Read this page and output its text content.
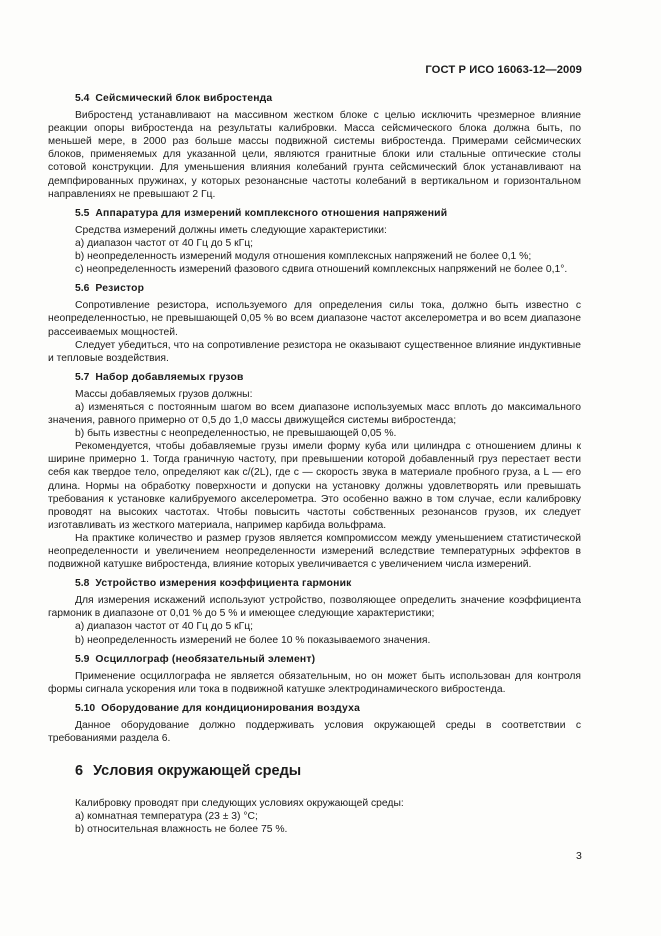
ГОСТ Р ИСО 16063-12—2009
5.4 Сейсмический блок вибростенда

Вибростенд устанавливают на массивном жестком блоке с целью исключить чрезмерное влияние реакции опоры вибростенда на результаты калибровки. Масса сейсмического блока должна быть, по меньшей мере, в 2000 раз больше массы подвижной системы вибростенда. Примерами сейсмических блоков, применяемых для указанной цели, являются гранитные блоки или стальные оптические столы сотовой конструкции. Для уменьшения влияния колебаний грунта сейсмический блок устанавливают на демпфированных пружинах, у которых резонансные частоты колебаний в вертикальном и горизонтальном направлениях не превышают 2 Гц.

5.5 Аппаратура для измерений комплексного отношения напряжений

Средства измерений должны иметь следующие характеристики:

a) диапазон частот от 40 Гц до 5 кГц;

b) неопределенность измерений модуля отношения комплексных напряжений не более 0,1 %;

c) неопределенность измерений фазового сдвига отношений комплексных напряжений не более 0,1°.

5.6 Резистор

Сопротивление резистора, используемого для определения силы тока, должно быть известно с неопределенностью, не превышающей 0,05 % во всем диапазоне частот акселерометра и во всем диапазоне рассеиваемых мощностей.

Следует убедиться, что на сопротивление резистора не оказывают существенное влияние индуктивные и тепловые воздействия.

5.7 Набор добавляемых грузов

Массы добавляемых грузов должны:

a) изменяться с постоянным шагом во всем диапазоне используемых масс вплоть до максимального значения, равного примерно от 0,5 до 1,0 массы движущейся системы вибростенда;

b) быть известны с неопределенностью, не превышающей 0,05 %.

Рекомендуется, чтобы добавляемые грузы имели форму куба или цилиндра с отношением длины к ширине примерно 1. Тогда граничную частоту, при превышении которой добавленный груз перестает вести себя как твердое тело, определяют как c/(2L), где c — скорость звука в материале пробного груза, а L — его длина. Нормы на обработку поверхности и допуски на установку должны удовлетворять или превышать требования к установке калибруемого акселерометра. Это особенно важно в том случае, если калибровку проводят на высоких частотах. Чтобы повысить частоты собственных резонансов грузов, их следует изготавливать из жесткого материала, например карбида вольфрама.

На практике количество и размер грузов является компромиссом между уменьшением статистической неопределенности и увеличением неопределенности измерений вследствие температурных эффектов в подвижной катушке вибростенда, влияние которых увеличивается с увеличением числа измерений.

5.8 Устройство измерения коэффициента гармоник

Для измерения искажений используют устройство, позволяющее определить значение коэффициента гармоник в диапазоне от 0,01 % до 5 % и имеющее следующие характеристики;

a) диапазон частот от 40 Гц до 5 кГц;

b) неопределенность измерений не более 10 % показываемого значения.

5.9 Осциллограф (необязательный элемент)

Применение осциллографа не является обязательным, но он может быть использован для контроля формы сигнала ускорения или тока в подвижной катушке электродинамического вибростенда.

5.10 Оборудование для кондиционирования воздуха

Данное оборудование должно поддерживать условия окружающей среды в соответствии с требованиями раздела 6.

6 Условия окружающей среды

Калибровку проводят при следующих условиях окружающей среды:

a) комнатная температура (23 ± 3) °C;

b) относительная влажность не более 75 %.

3
